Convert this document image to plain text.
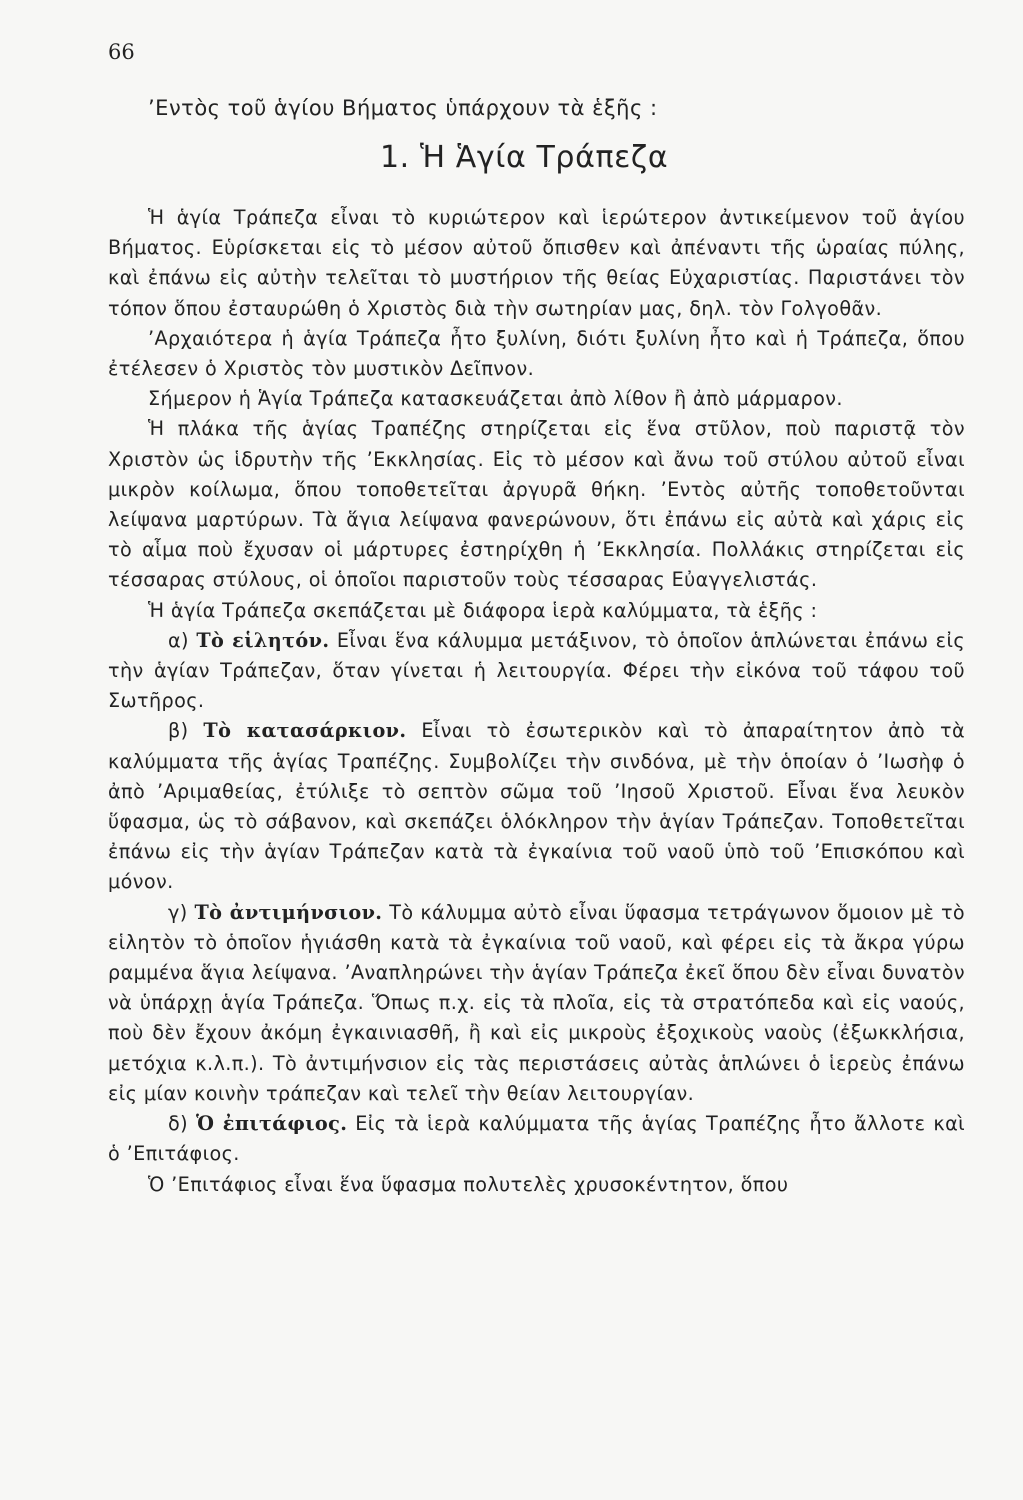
66
’Εντὸς τοῦ ἁγίου Βήματος ὑπάρχουν τὰ ἑξῆς :
1. Ἡ Ἁγία Τράπεζα

Ἡ ἁγία Τράπεζα εἶναι τὸ κυριώτερον καὶ ἱερώτερον ἀντικείμενον τοῦ ἁγίου Βήματος. Εὑρίσκεται εἰς τὸ μέσον αὐτοῦ ὄπισθεν καὶ ἀπέναντι τῆς ὡραίας πύλης, καὶ ἐπάνω εἰς αὐτὴν τελεῖται τὸ μυστήριον τῆς θείας Εὐχαριστίας. Παριστάνει τὸν τόπον ὅπου ἐσταυρώθη ὁ Χριστὸς διὰ τὴν σωτηρίαν μας, δηλ. τὸν Γολγοθᾶν.

’Αρχαιότερα ἡ ἁγία Τράπεζα ἦτο ξυλίνη, διότι ξυλίνη ἦτο καὶ ἡ Τράπεζα, ὅπου ἐτέλεσεν ὁ Χριστὸς τὸν μυστικὸν Δεῖπνον.

Σήμερον ἡ Ἁγία Τράπεζα κατασκευάζεται ἀπὸ λίθον ἢ ἀπὸ μάρμαρον.

Ἡ πλάκα τῆς ἁγίας Τραπέζης στηρίζεται εἰς ἕνα στῦλον, ποὺ παριστᾷ τὸν Χριστὸν ὡς ἱδρυτὴν τῆς ’Εκκλησίας. Εἰς τὸ μέσον καὶ ἄνω τοῦ στύλου αὐτοῦ εἶναι μικρὸν κοίλωμα, ὅπου τοποθετεῖται ἀργυρᾶ θήκη. ’Εντὸς αὐτῆς τοποθετοῦνται λείψανα μαρτύρων. Τὰ ἅγια λείψανα φανερώνουν, ὅτι ἐπάνω εἰς αὐτὰ καὶ χάρις εἰς τὸ αἷμα ποὺ ἔχυσαν οἱ μάρτυρες ἐστηρίχθη ἡ ’Εκκλησία. Πολλάκις στηρίζεται εἰς τέσσαρας στύλους, οἱ ὁποῖοι παριστοῦν τοὺς τέσσαρας Εὐαγγελιστάς.

Ἡ ἁγία Τράπεζα σκεπάζεται μὲ διάφορα ἱερὰ καλύμματα, τὰ ἑξῆς :

α) Τὸ εἱλητόν. Εἶναι ἕνα κάλυμμα μετάξινον, τὸ ὁποῖον ἁπλώνεται ἐπάνω εἰς τὴν ἁγίαν Τράπεζαν, ὅταν γίνεται ἡ λειτουργία. Φέρει τὴν εἰκόνα τοῦ τάφου τοῦ Σωτῆρος.

β) Τὸ κατασάρκιον. Εἶναι τὸ ἐσωτερικὸν καὶ τὸ ἀπαραίτητον ἀπὸ τὰ καλύμματα τῆς ἁγίας Τραπέζης. Συμβολίζει τὴν σινδόνα, μὲ τὴν ὁποίαν ὁ ’Ιωσὴφ ὁ ἀπὸ ’Αριμαθείας, ἐτύλιξε τὸ σεπτὸν σῶμα τοῦ ’Ιησοῦ Χριστοῦ. Εἶναι ἕνα λευκὸν ὕφασμα, ὡς τὸ σάβανον, καὶ σκεπάζει ὁλόκληρον τὴν ἁγίαν Τράπεζαν. Τοποθετεῖται ἐπάνω εἰς τὴν ἁγίαν Τράπεζαν κατὰ τὰ ἐγκαίνια τοῦ ναοῦ ὑπὸ τοῦ ’Επισκόπου καὶ μόνον.

γ) Τὸ ἀντιμήνσιον. Τὸ κάλυμμα αὐτὸ εἶναι ὕφασμα τετράγωνον ὅμοιον μὲ τὸ εἱλητὸν τὸ ὁποῖον ἡγιάσθη κατὰ τὰ ἐγκαίνια τοῦ ναοῦ, καὶ φέρει εἰς τὰ ἄκρα γύρω ραμμένα ἅγια λείψανα. ’Αναπληρώνει τὴν ἁγίαν Τράπεζα ἐκεῖ ὅπου δὲν εἶναι δυνατὸν νὰ ὑπάρχῃ ἁγία Τράπεζα. Ὅπως π.χ. εἰς τὰ πλοῖα, εἰς τὰ στρατόπεδα καὶ εἰς ναούς, ποὺ δὲν ἔχουν ἀκόμη ἐγκαινιασθῆ, ἢ καὶ εἰς μικροὺς ἐξοχικοὺς ναοὺς (ἐξωκκλήσια, μετόχια κ.λ.π.). Τὸ ἀντιμήνσιον εἰς τὰς περιστάσεις αὐτὰς ἁπλώνει ὁ ἱερεὺς ἐπάνω εἰς μίαν κοινὴν τράπεζαν καὶ τελεῖ τὴν θείαν λειτουργίαν.

δ) Ὁ ἐπιτάφιος. Εἰς τὰ ἱερὰ καλύμματα τῆς ἁγίας Τραπέζης ἦτο ἄλλοτε καὶ ὁ ’Επιτάφιος.

Ὁ ’Επιτάφιος εἶναι ἕνα ὕφασμα πολυτελὲς χρυσοκέντητον, ὅπου
